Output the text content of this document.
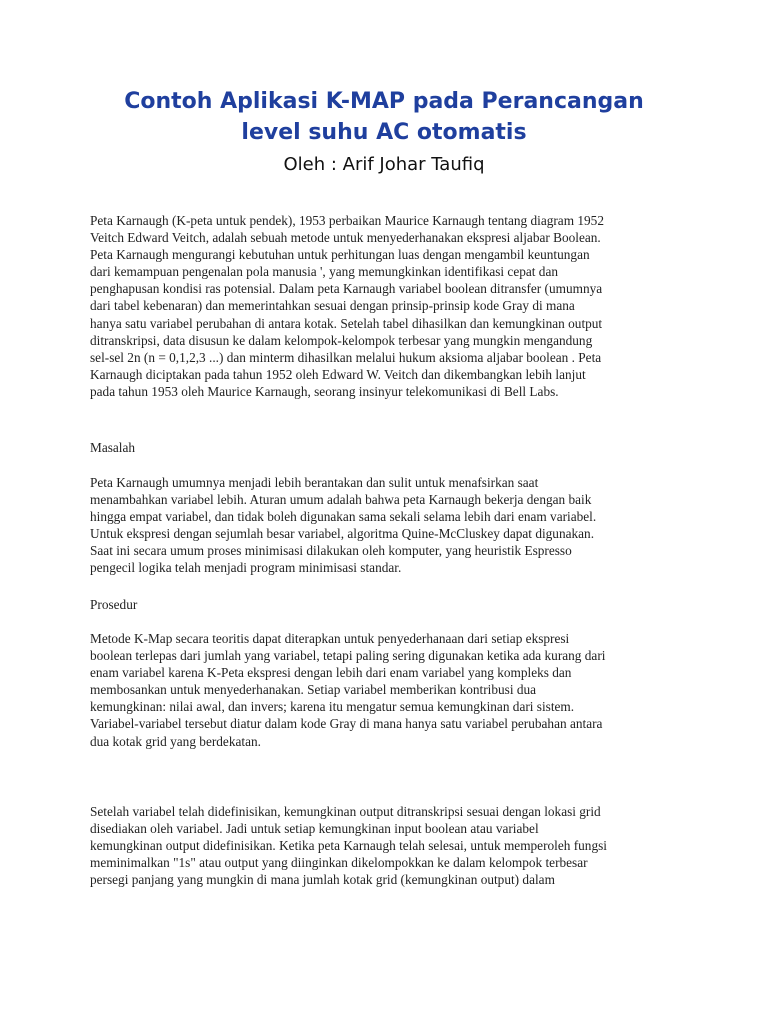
Contoh Aplikasi K-MAP pada Perancangan
level suhu AC otomatis
Oleh : Arif Johar Taufiq
Peta Karnaugh (K-peta untuk pendek), 1953 perbaikan Maurice Karnaugh tentang diagram 1952
Veitch Edward Veitch, adalah sebuah metode untuk menyederhanakan ekspresi aljabar Boolean.
Peta Karnaugh mengurangi kebutuhan untuk perhitungan luas dengan mengambil keuntungan
dari kemampuan pengenalan pola manusia ', yang memungkinkan identifikasi cepat dan
penghapusan kondisi ras potensial. Dalam peta Karnaugh variabel boolean ditransfer (umumnya
dari tabel kebenaran) dan memerintahkan sesuai dengan prinsip-prinsip kode Gray di mana
hanya satu variabel perubahan di antara kotak. Setelah tabel dihasilkan dan kemungkinan output
ditranskripsi, data disusun ke dalam kelompok-kelompok terbesar yang mungkin mengandung
sel-sel 2n (n = 0,1,2,3 ...) dan minterm dihasilkan melalui hukum aksioma aljabar boolean . Peta
Karnaugh diciptakan pada tahun 1952 oleh Edward W. Veitch dan dikembangkan lebih lanjut
pada tahun 1953 oleh Maurice Karnaugh, seorang insinyur telekomunikasi di Bell Labs.
Masalah
Peta Karnaugh umumnya menjadi lebih berantakan dan sulit untuk menafsirkan saat
menambahkan variabel lebih. Aturan umum adalah bahwa peta Karnaugh bekerja dengan baik
hingga empat variabel, dan tidak boleh digunakan sama sekali selama lebih dari enam variabel.
Untuk ekspresi dengan sejumlah besar variabel, algoritma Quine-McCluskey dapat digunakan.
Saat ini secara umum proses minimisasi dilakukan oleh komputer, yang heuristik Espresso
pengecil logika telah menjadi program minimisasi standar.
Prosedur
Metode K-Map secara teoritis dapat diterapkan untuk penyederhanaan dari setiap ekspresi
boolean terlepas dari jumlah yang variabel, tetapi paling sering digunakan ketika ada kurang dari
enam variabel karena K-Peta ekspresi dengan lebih dari enam variabel yang kompleks dan
membosankan untuk menyederhanakan. Setiap variabel memberikan kontribusi dua
kemungkinan: nilai awal, dan invers; karena itu mengatur semua kemungkinan dari sistem.
Variabel-variabel tersebut diatur dalam kode Gray di mana hanya satu variabel perubahan antara
dua kotak grid yang berdekatan.
Setelah variabel telah didefinisikan, kemungkinan output ditranskripsi sesuai dengan lokasi grid
disediakan oleh variabel. Jadi untuk setiap kemungkinan input boolean atau variabel
kemungkinan output didefinisikan. Ketika peta Karnaugh telah selesai, untuk memperoleh fungsi
meminimalkan "1s" atau output yang diinginkan dikelompokkan ke dalam kelompok terbesar
persegi panjang yang mungkin di mana jumlah kotak grid (kemungkinan output) dalam
